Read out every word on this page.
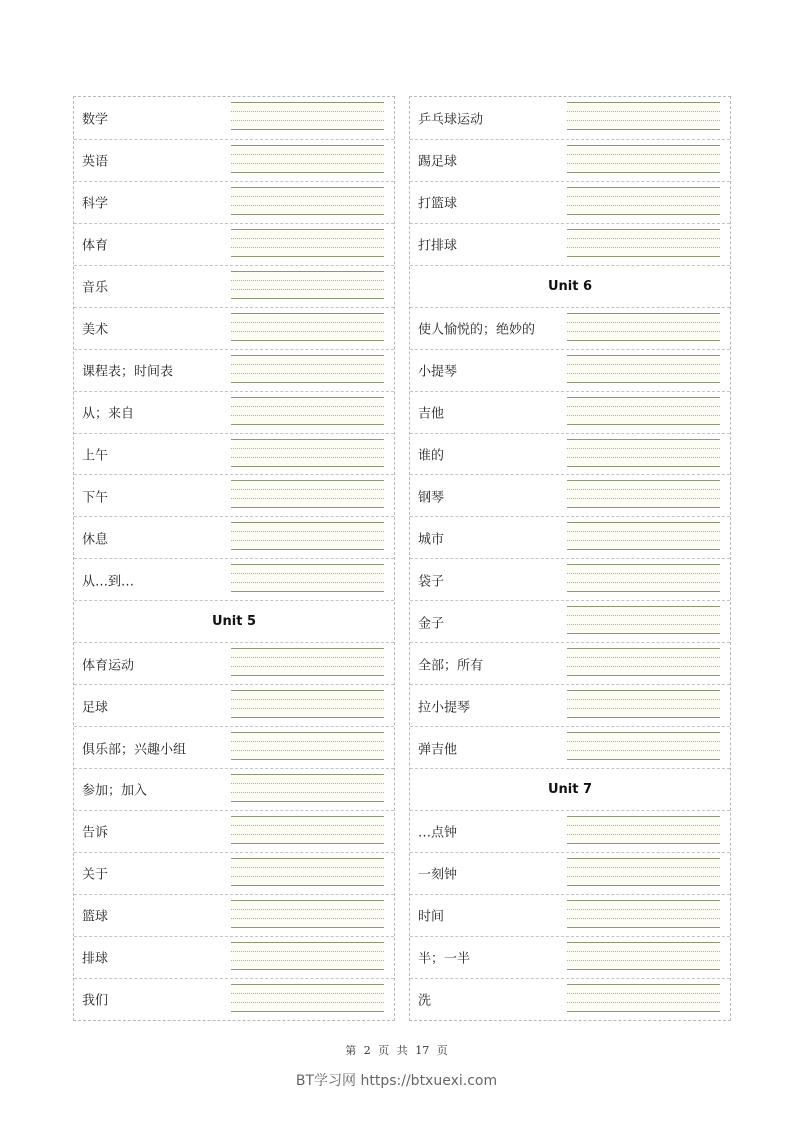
数学
英语
科学
体育
音乐
美术
课程表；时间表
从；来自
上午
下午
休息
从…到…
Unit 5
体育运动
足球
俱乐部；兴趣小组
参加；加入
告诉
关于
篮球
排球
我们
乒乓球运动
踢足球
打篮球
打排球
Unit 6
使人愉悦的；绝妙的
小提琴
吉他
谁的
钢琴
城市
袋子
金子
全部；所有
拉小提琴
弹吉他
Unit 7
…点钟
一刻钟
时间
半；一半
洗
第 2 页 共 17 页
BT学习网 https://btxuexi.com
